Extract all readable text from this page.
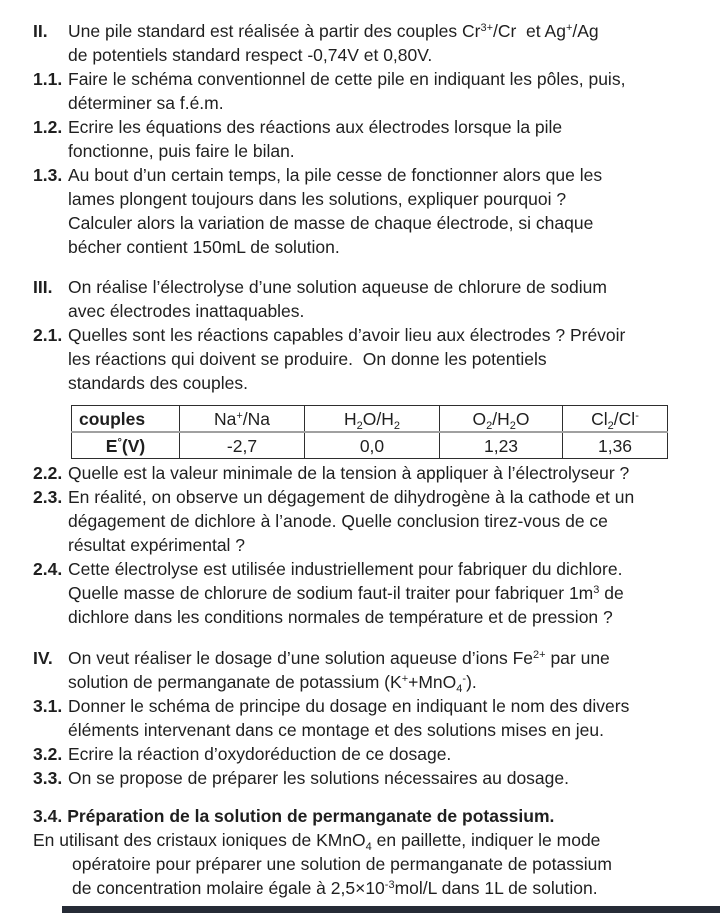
II. Une pile standard est réalisée à partir des couples $Cr^{3+}/Cr$  et Ag+/Ag
de potentiels standard respect -0,74V et 0,80V.
1.1. Faire le schéma conventionnel de cette pile en indiquant les pôles, puis,
déterminer sa f.é.m.
1.2. Ecrire les équations des réactions aux électrodes lorsque la pile
fonctionne, puis faire le bilan.
1.3. Au bout d’un certain temps, la pile cesse de fonctionner alors que les
lames plongent toujours dans les solutions, expliquer pourquoi ?
Calculer alors la variation de masse de chaque électrode, si chaque
bécher contient 150mL de solution.
III. On réalise l’électrolyse d’une solution aqueuse de chlorure de sodium
avec électrodes inattaquables.
2.1. Quelles sont les réactions capables d’avoir lieu aux électrodes ? Prévoir
les réactions qui doivent se produire.  On donne les potentiels
standards des couples.
couples	Na+/Na	$H_2O/H_2$	$O_2/H_2O$	$Cl_2/Cl^-$
E°(V)	-2,7	0,0	1,23	1,36
2.2. Quelle est la valeur minimale de la tension à appliquer à l’électrolyseur ?
2.3. En réalité, on observe un dégagement de dihydrogène à la cathode et un
dégagement de dichlore à l’anode. Quelle conclusion tirez-vous de ce
résultat expérimental ?
2.4. Cette électrolyse est utilisée industriellement pour fabriquer du dichlore.
Quelle masse de chlorure de sodium faut-il traiter pour fabriquer $1m^3$ de
dichlore dans les conditions normales de température et de pression ?
IV. On veut réaliser le dosage d’une solution aqueuse d’ions $Fe^{2+}$ par une
solution de permanganate de potassium (K++MnO$_4$-).
3.1. Donner le schéma de principe du dosage en indiquant le nom des divers
éléments intervenant dans ce montage et des solutions mises en jeu.
3.2. Ecrire la réaction d’oxydoréduction de ce dosage.
3.3. On se propose de préparer les solutions nécessaires au dosage.
3.4. Préparation de la solution de permanganate de potassium.
En utilisant des cristaux ioniques de KMnO$_4$ en paillette, indiquer le mode
opératoire pour préparer une solution de permanganate de potassium
de concentration molaire égale à $2,5\times 10^{-3}mol/L$ dans 1L de solution.
